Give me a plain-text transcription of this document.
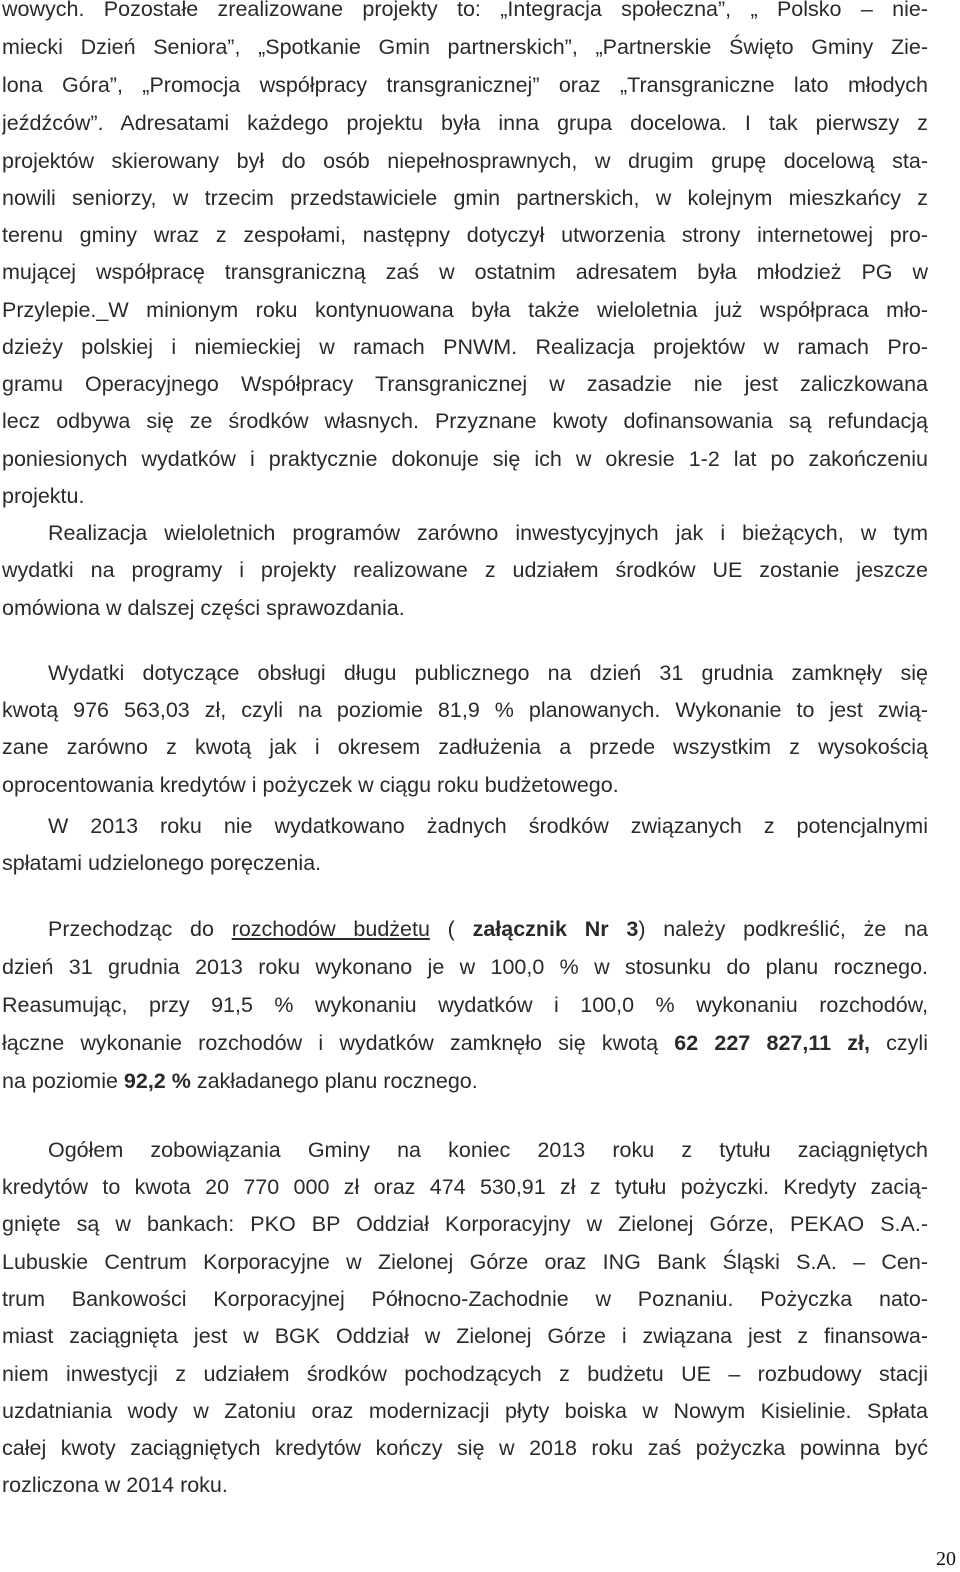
wowych. Pozostałe zrealizowane projekty to: „Integracja społeczna”, „ Polsko – nie-
miecki Dzień Seniora”, „Spotkanie Gmin partnerskich”, „Partnerskie Święto Gminy Zie-
lona Góra”, „Promocja współpracy transgranicznej” oraz „Transgraniczne lato młodych
jeźdźców”. Adresatami każdego projektu była inna grupa docelowa. I tak pierwszy z
projektów skierowany był do osób niepełnosprawnych, w drugim grupę docelową sta-
nowili seniorzy, w trzecim przedstawiciele gmin partnerskich, w kolejnym mieszkańcy z
terenu gminy wraz z zespołami, następny dotyczył utworzenia strony internetowej pro-
mującej współpracę transgraniczną zaś w ostatnim adresatem była młodzież PG w
Przylepie._W minionym roku kontynuowana była także wieloletnia już współpraca mło-
dzieży polskiej i niemieckiej w ramach PNWM. Realizacja projektów w ramach Pro-
gramu Operacyjnego Współpracy Transgranicznej w zasadzie nie jest zaliczkowana
lecz odbywa się ze środków własnych. Przyznane kwoty dofinansowania są refundacją
poniesionych wydatków i praktycznie dokonuje się ich w okresie 1-2 lat po zakończeniu
projektu.
Realizacja wieloletnich programów zarówno inwestycyjnych jak i bieżących, w tym
wydatki na programy i projekty realizowane z udziałem środków UE zostanie jeszcze
omówiona w dalszej części sprawozdania.
Wydatki dotyczące obsługi długu publicznego na dzień 31 grudnia zamknęły się
kwotą 976 563,03 zł, czyli na poziomie 81,9 % planowanych. Wykonanie to jest zwią-
zane zarówno z kwotą jak i okresem zadłużenia a przede wszystkim z wysokością
oprocentowania kredytów i pożyczek w ciągu roku budżetowego.
W 2013 roku nie wydatkowano żadnych środków związanych z potencjalnymi
spłatami udzielonego poręczenia.
Przechodząc do rozchodów budżetu ( załącznik Nr 3) należy podkreślić, że na
dzień 31 grudnia 2013 roku wykonano je w 100,0 % w stosunku do planu rocznego.
Reasumując, przy 91,5 % wykonaniu wydatków i 100,0 % wykonaniu rozchodów,
łączne wykonanie rozchodów i wydatków zamknęło się kwotą 62 227 827,11 zł, czyli
na poziomie 92,2 % zakładanego planu rocznego.
Ogółem zobowiązania Gminy na koniec 2013 roku z tytułu zaciągniętych
kredytów to kwota 20 770 000 zł oraz 474 530,91 zł z tytułu pożyczki. Kredyty zacią-
gnięte są w bankach: PKO BP Oddział Korporacyjny w Zielonej Górze, PEKAO S.A.-
Lubuskie Centrum Korporacyjne w Zielonej Górze oraz ING Bank Śląski S.A. – Cen-
trum Bankowości Korporacyjnej Północno-Zachodnie w Poznaniu. Pożyczka nato-
miast zaciągnięta jest w BGK Oddział w Zielonej Górze i związana jest z finansowa-
niem inwestycji z udziałem środków pochodzących z budżetu UE – rozbudowy stacji
uzdatniania wody w Zatoniu oraz modernizacji płyty boiska w Nowym Kisielinie. Spłata
całej kwoty zaciągniętych kredytów kończy się w 2018 roku zaś pożyczka powinna być
rozliczona w 2014 roku.
20
